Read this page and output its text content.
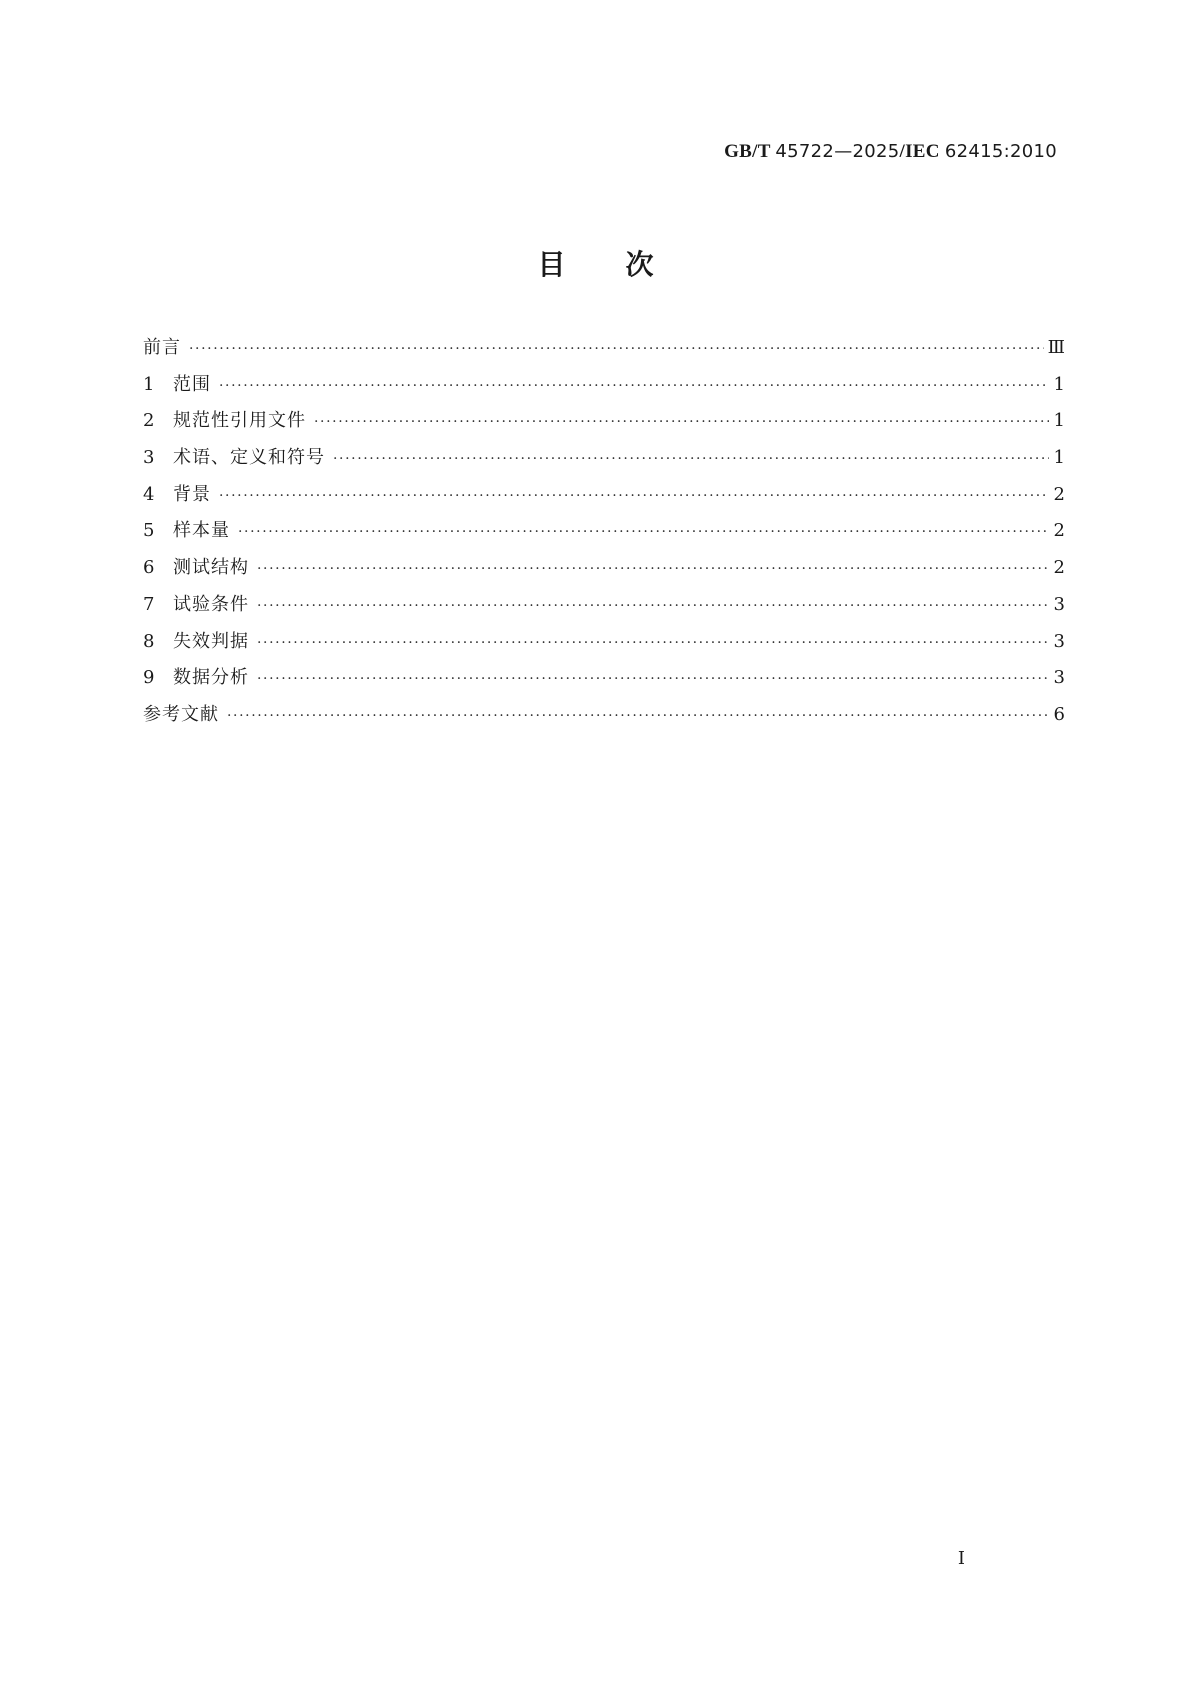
GB/T 45722—2025/IEC 62415:2010
目次
前言 ·····	Ⅲ
1	范围 ·····	1
2	规范性引用文件 ·····	1
3	术语、定义和符号 ·····	1
4	背景 ·····	2
5	样本量 ·····	2
6	测试结构 ·····	2
7	试验条件 ·····	3
8	失效判据 ·····	3
9	数据分析 ·····	3
参考文献 ·····	6
Ⅰ
